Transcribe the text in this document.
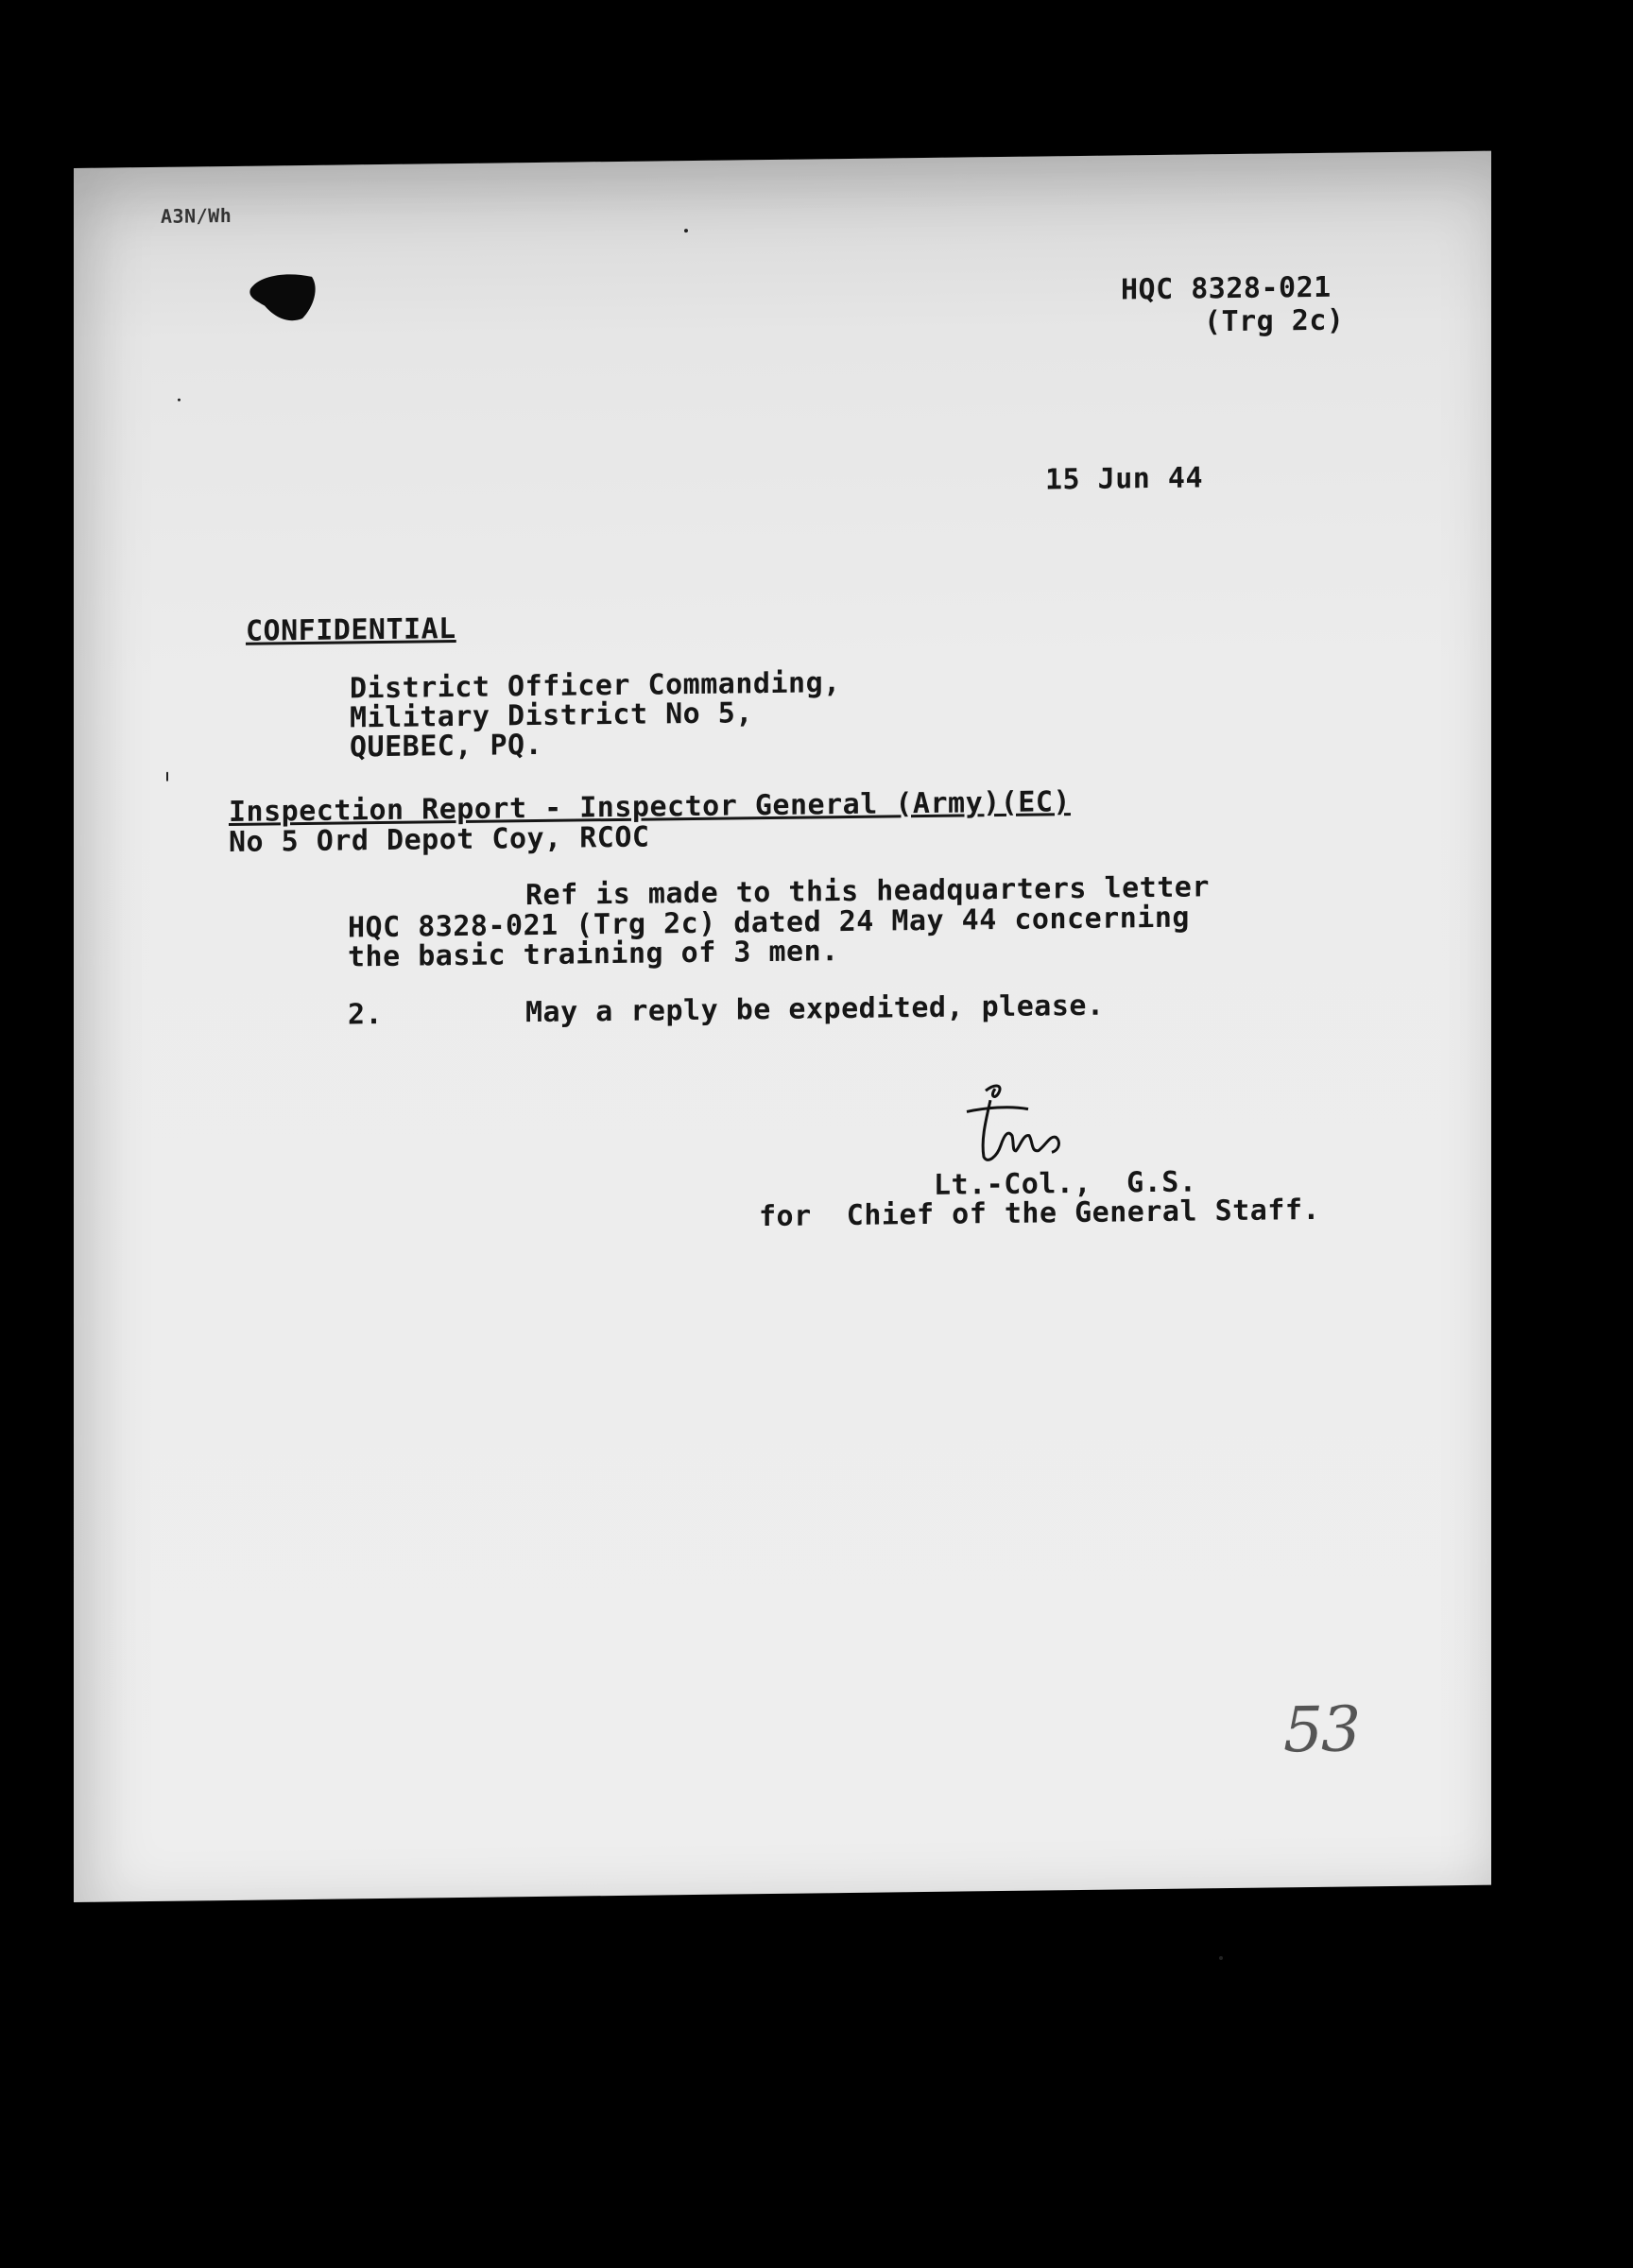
A3N/Wh
HQC 8328-021
(Trg 2c)
15 Jun 44
CONFIDENTIAL
District Officer Commanding,
Military District No 5,
QUEBEC, PQ.
Inspection Report - Inspector General (Army)(EC)
No 5 Ord Depot Coy, RCOC
Ref is made to this headquarters letter
HQC 8328-021 (Trg 2c) dated 24 May 44 concerning
the basic training of 3 men.
2.	May a reply be expedited, please.
Lt.-Col.,  G.S.
for  Chief of the General Staff.
53
